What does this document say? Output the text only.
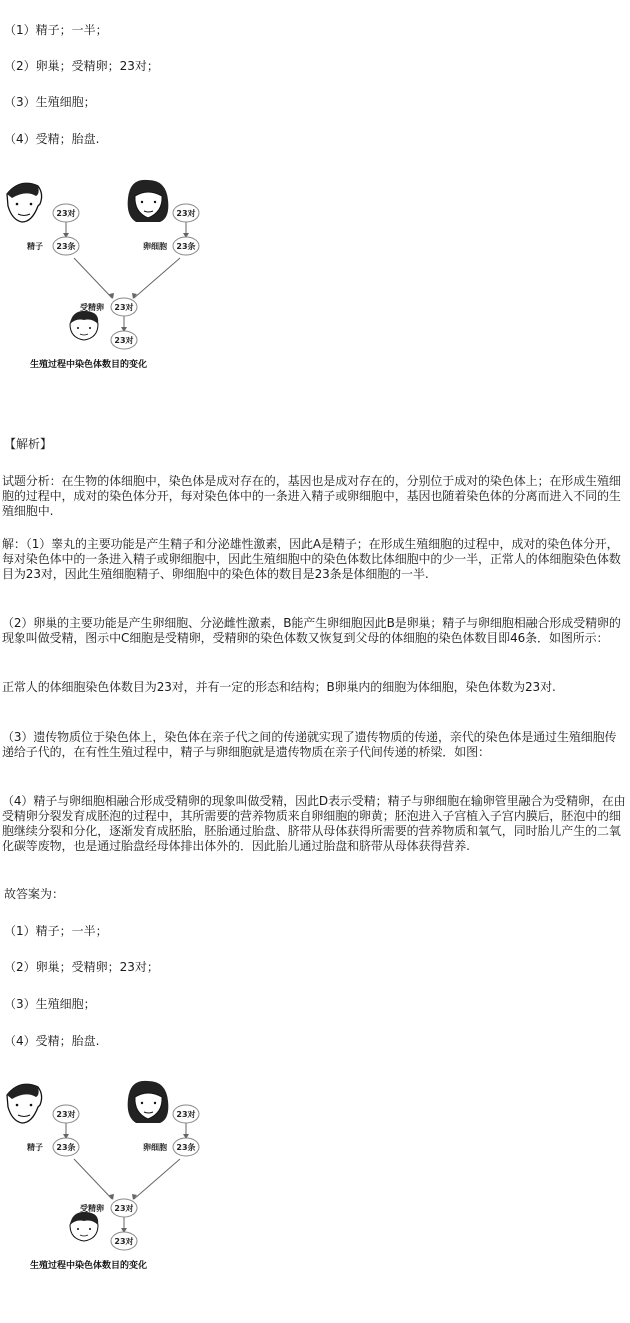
（1）精子；一半；
（2）卵巢；受精卵；23对；
（3）生殖细胞；
（4）受精；胎盘.
23对
23条
精子
23对
23条
卵细胞
23对
受精卵
23对
生殖过程中染色体数目的变化
【解析】
试题分析：在生物的体细胞中，染色体是成对存在的，基因也是成对存在的，分别位于成对的染色体上；在形成生殖细胞的过程中，成对的染色体分开，每对染色体中的一条进入精子或卵细胞中，基因也随着染色体的分离而进入不同的生殖细胞中.
解：（1）睾丸的主要功能是产生精子和分泌雄性激素，因此A是精子；在形成生殖细胞的过程中，成对的染色体分开，每对染色体中的一条进入精子或卵细胞中，因此生殖细胞中的染色体数比体细胞中的少一半，正常人的体细胞染色体数目为23对，因此生殖细胞精子、卵细胞中的染色体的数目是23条是体细胞的一半.
（2）卵巢的主要功能是产生卵细胞、分泌雌性激素，B能产生卵细胞因此B是卵巢；精子与卵细胞相融合形成受精卵的现象叫做受精，图示中C细胞是受精卵，受精卵的染色体数又恢复到父母的体细胞的染色体数目即46条．如图所示：
正常人的体细胞染色体数目为23对，并有一定的形态和结构；B卵巢内的细胞为体细胞，染色体数为23对.
（3）遗传物质位于染色体上，染色体在亲子代之间的传递就实现了遗传物质的传递，亲代的染色体是通过生殖细胞传递给子代的，在有性生殖过程中，精子与卵细胞就是遗传物质在亲子代间传递的桥梁．如图：
（4）精子与卵细胞相融合形成受精卵的现象叫做受精，因此D表示受精；精子与卵细胞在输卵管里融合为受精卵，在由受精卵分裂发育成胚泡的过程中，其所需要的营养物质来自卵细胞的卵黄；胚泡进入子宫植入子宫内膜后，胚泡中的细胞继续分裂和分化，逐渐发育成胚胎，胚胎通过胎盘、脐带从母体获得所需要的营养物质和氧气，同时胎儿产生的二氧化碳等废物，也是通过胎盘经母体排出体外的．因此胎儿通过胎盘和脐带从母体获得营养.
故答案为：
（1）精子；一半；
（2）卵巢；受精卵；23对；
（3）生殖细胞；
（4）受精；胎盘.
23对
23条
精子
23对
23条
卵细胞
23对
受精卵
23对
生殖过程中染色体数目的变化
